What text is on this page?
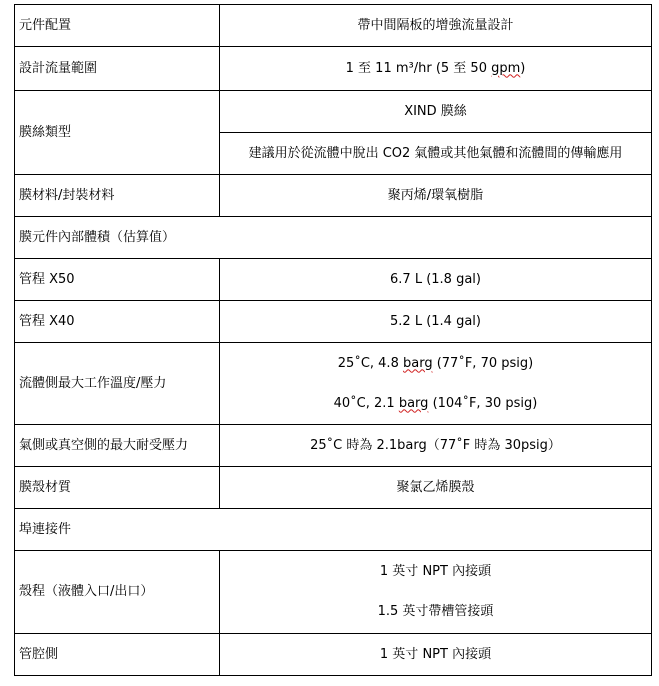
元件配置	帶中間隔板的增強流量設計
設計流量範圍	1 至 11 m³/hr (5 至 50 gpm)
膜絲類型	XIND 膜絲
	建議用於從流體中脫出 CO2 氣體或其他氣體和流體間的傳輸應用
膜材料/封裝材料	聚丙烯/環氧樹脂
膜元件內部體積（估算值）	
管程 X50	6.7 L (1.8 gal)
管程 X40	5.2 L (1.4 gal)
流體側最大工作溫度/壓力	25˚C, 4.8 barg (77˚F, 70 psig)
40˚C, 2.1 barg (104˚F, 30 psig)

氣側或真空側的最大耐受壓力	25˚C 時為 2.1barg（77˚F 時為 30psig）
膜殼材質	聚氯乙烯膜殼
埠連接件	
殼程（液體入口/出口）	1 英寸 NPT 內接頭
1.5 英寸帶槽管接頭

管腔側	1 英寸 NPT 內接頭
